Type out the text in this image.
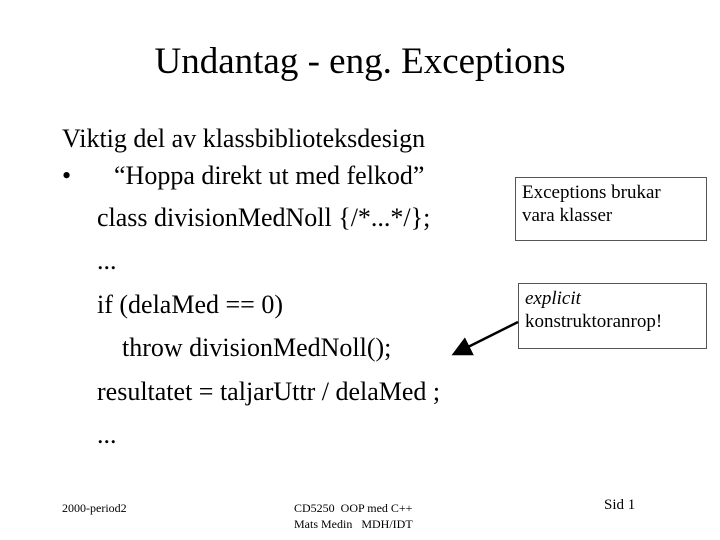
Undantag - eng. Exceptions
Viktig del av klassbiblioteksdesign
• “Hoppa direkt ut med felkod”
class divisionMedNoll {/*...*/};
...
if (delaMed == 0)
throw divisionMedNoll();
resultatet = taljarUttr / delaMed ;
...
Exceptions brukar
vara klasser
explicit
konstruktoranrop!
2000-period2	CD5250  OOP med C++
Mats Medin   MDH/IDT
Sid 1
